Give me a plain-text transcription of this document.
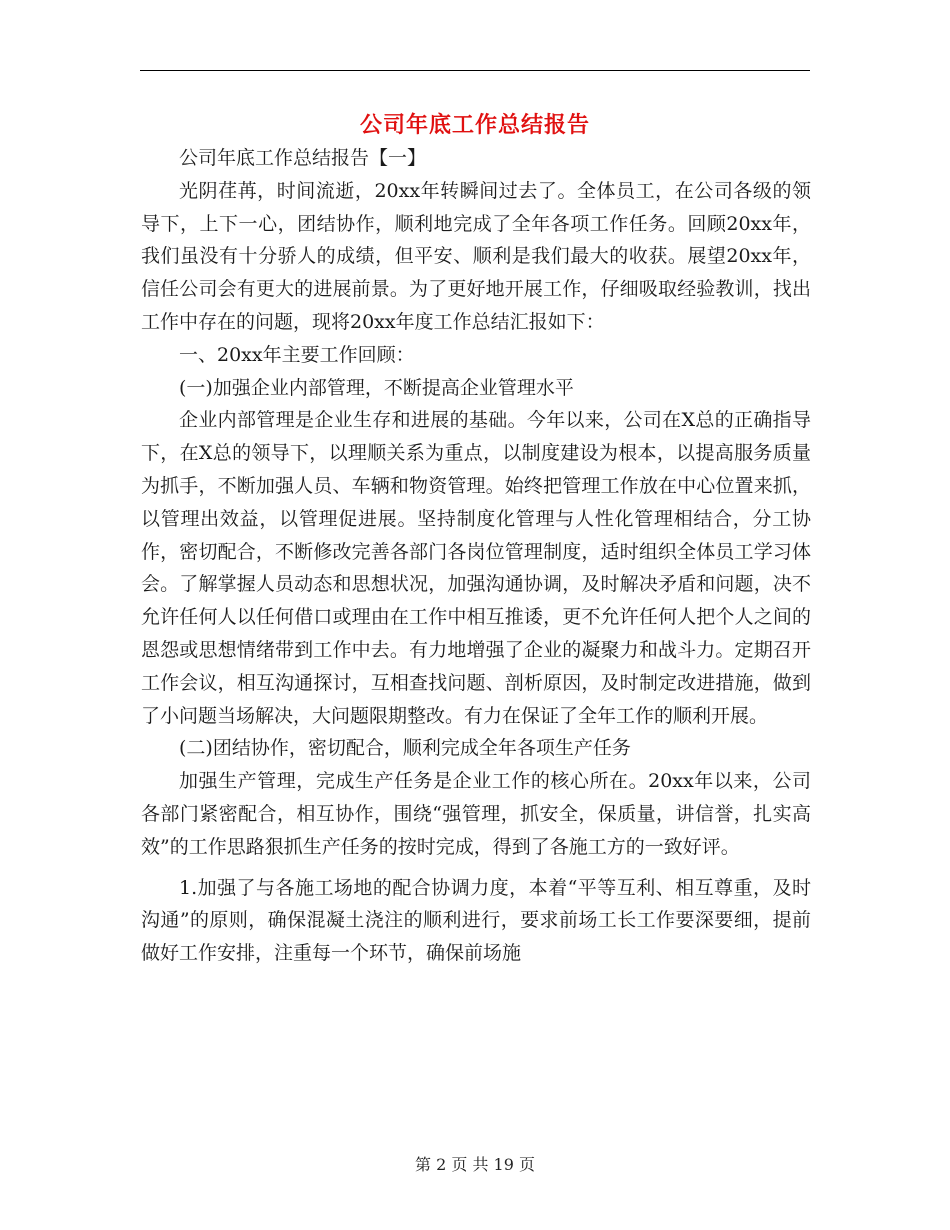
公司年底工作总结报告

公司年底工作总结报告【一】

光阴荏苒，时间流逝，20xx年转瞬间过去了。全体员工，在公司各级的领导下，上下一心，团结协作，顺利地完成了全年各项工作任务。回顾20xx年，我们虽没有十分骄人的成绩，但平安、顺利是我们最大的收获。展望20xx年，信任公司会有更大的进展前景。为了更好地开展工作，仔细吸取经验教训，找出工作中存在的问题，现将20xx年度工作总结汇报如下：

一、20xx年主要工作回顾：

(一)加强企业内部管理，不断提高企业管理水平

企业内部管理是企业生存和进展的基础。今年以来，公司在X总的正确指导下，在X总的领导下，以理顺关系为重点，以制度建设为根本，以提高服务质量为抓手，不断加强人员、车辆和物资管理。始终把管理工作放在中心位置来抓，以管理出效益，以管理促进展。坚持制度化管理与人性化管理相结合，分工协作，密切配合，不断修改完善各部门各岗位管理制度，适时组织全体员工学习体会。了解掌握人员动态和思想状况，加强沟通协调，及时解决矛盾和问题，决不允许任何人以任何借口或理由在工作中相互推诿，更不允许任何人把个人之间的恩怨或思想情绪带到工作中去。有力地增强了企业的凝聚力和战斗力。定期召开工作会议，相互沟通探讨，互相查找问题、剖析原因，及时制定改进措施，做到了小问题当场解决，大问题限期整改。有力在保证了全年工作的顺利开展。

(二)团结协作，密切配合，顺利完成全年各项生产任务

加强生产管理，完成生产任务是企业工作的核心所在。20xx年以来，公司各部门紧密配合，相互协作，围绕“强管理，抓安全，保质量，讲信誉，扎实高效”的工作思路狠抓生产任务的按时完成，得到了各施工方的一致好评。

1.加强了与各施工场地的配合协调力度，本着“平等互利、相互尊重，及时沟通”的原则，确保混凝土浇注的顺利进行，要求前场工长工作要深要细，提前做好工作安排，注重每一个环节，确保前场施

第 2 页 共 19 页
